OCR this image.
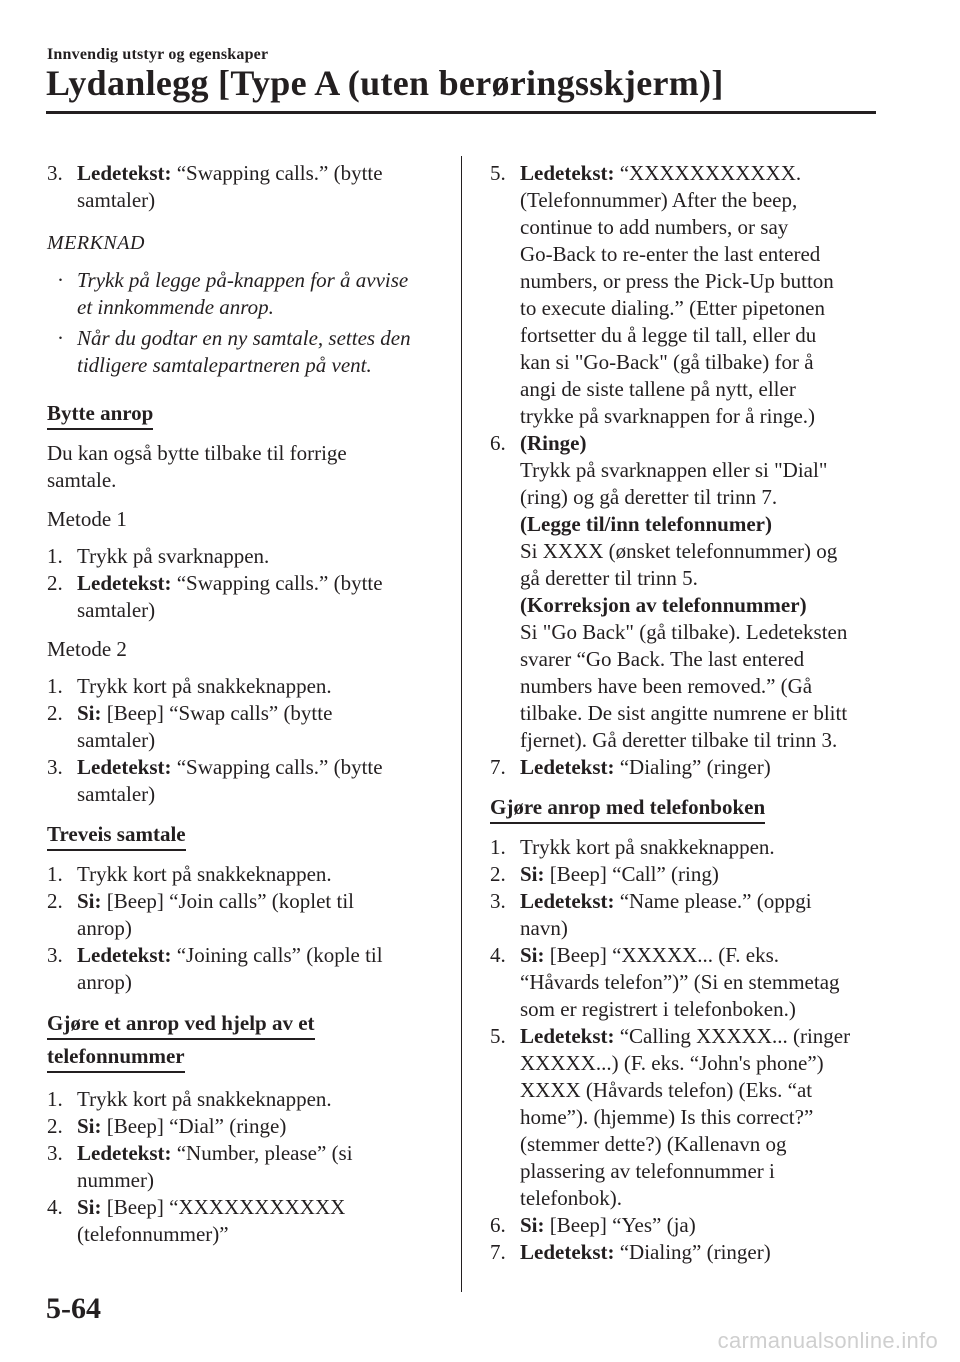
Innvendig utstyr og egenskaper
Lydanlegg [Type A (uten berøringsskjerm)]
3. Ledetekst: “Swapping calls.” (bytte
samtaler)
MERKNAD
· Trykk på legge på-knappen for å avvise
et innkommende anrop.
· Når du godtar en ny samtale, settes den
tidligere samtalepartneren på vent.
Bytte anrop
Du kan også bytte tilbake til forrige
samtale.
Metode 1
1. Trykk på svarknappen.
2. Ledetekst: “Swapping calls.” (bytte
samtaler)
Metode 2
1. Trykk kort på snakkeknappen.
2. Si: [Beep] “Swap calls” (bytte
samtaler)
3. Ledetekst: “Swapping calls.” (bytte
samtaler)
Treveis samtale
1. Trykk kort på snakkeknappen.
2. Si: [Beep] “Join calls” (koplet til
anrop)
3. Ledetekst: “Joining calls” (kople til
anrop)
Gjøre et anrop ved hjelp av et
telefonnummer
1. Trykk kort på snakkeknappen.
2. Si: [Beep] “Dial” (ringe)
3. Ledetekst: “Number, please” (si
nummer)
4. Si: [Beep] “XXXXXXXXXXX
(telefonnummer)”
5. Ledetekst: “XXXXXXXXXXX.
(Telefonnummer) After the beep,
continue to add numbers, or say
Go-Back to re-enter the last entered
numbers, or press the Pick-Up button
to execute dialing.” (Etter pipetonen
fortsetter du å legge til tall, eller du
kan si "Go-Back" (gå tilbake) for å
angi de siste tallene på nytt, eller
trykke på svarknappen for å ringe.)
6. (Ringe)
Trykk på svarknappen eller si "Dial"
(ring) og gå deretter til trinn 7.
(Legge til/inn telefonnumer)
Si XXXX (ønsket telefonnummer) og
gå deretter til trinn 5.
(Korreksjon av telefonnummer)
Si "Go Back" (gå tilbake). Ledeteksten
svarer “Go Back. The last entered
numbers have been removed.” (Gå
tilbake. De sist angitte numrene er blitt
fjernet). Gå deretter tilbake til trinn 3.
7. Ledetekst: “Dialing” (ringer)
Gjøre anrop med telefonboken
1. Trykk kort på snakkeknappen.
2. Si: [Beep] “Call” (ring)
3. Ledetekst: “Name please.” (oppgi
navn)
4. Si: [Beep] “XXXXX... (F. eks.
“Håvards telefon”)” (Si en stemmetag
som er registrert i telefonboken.)
5. Ledetekst: “Calling XXXXX... (ringer
XXXXX...) (F. eks. “John's phone”)
XXXX (Håvards telefon) (Eks. “at
home”). (hjemme) Is this correct?”
(stemmer dette?) (Kallenavn og
plassering av telefonnummer i
telefonbok).
6. Si: [Beep] “Yes” (ja)
7. Ledetekst: “Dialing” (ringer)
5-64
carmanualsonline.info
